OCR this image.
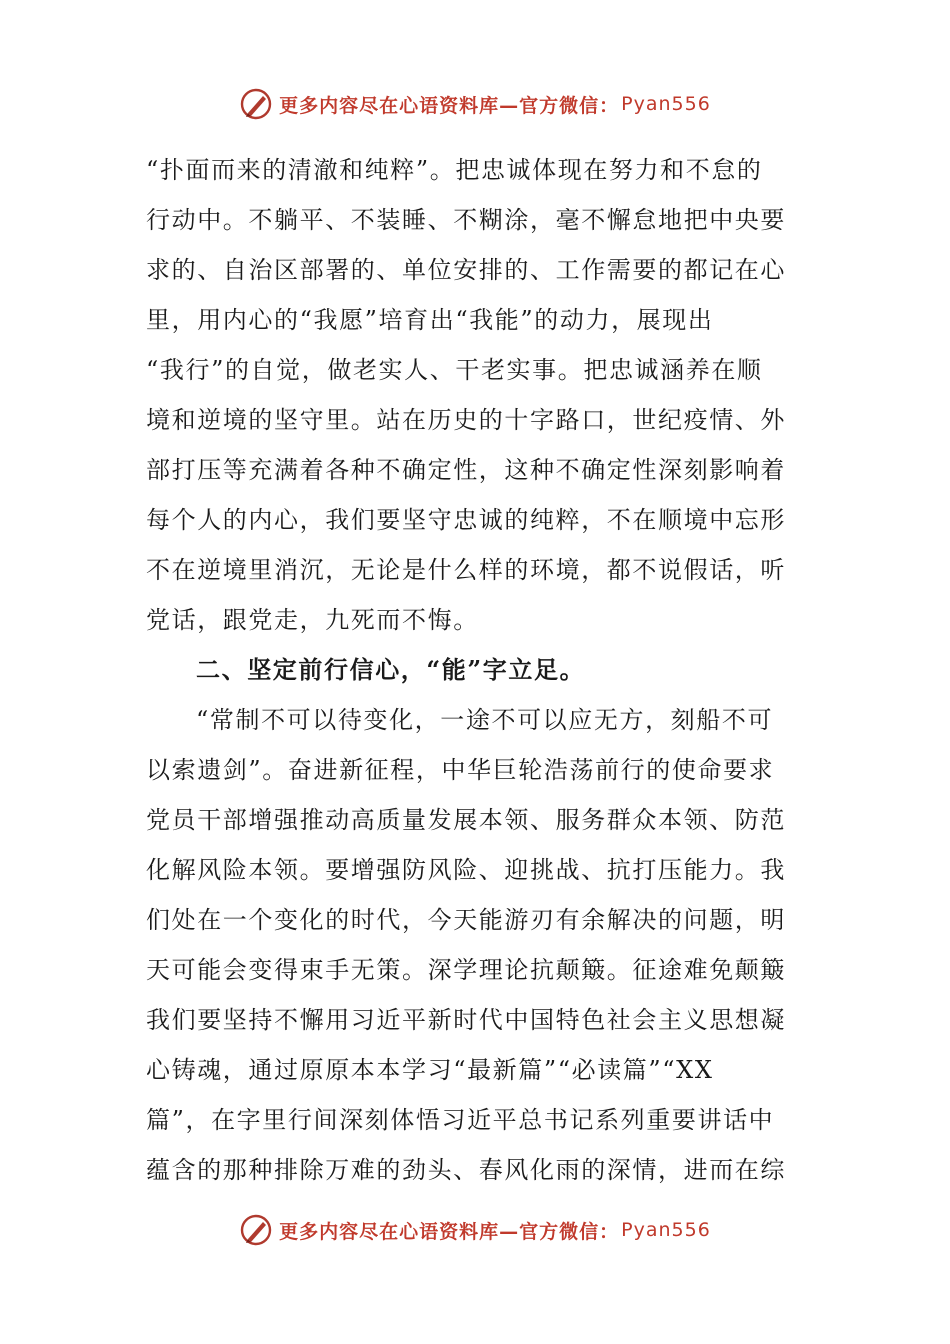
更多内容尽在心语资料库—官方微信： Pyan556
“扑面而来的清澈和纯粹”。把忠诚体现在努力和不怠的
行动中。不躺平、不装睡、不糊涂，毫不懈怠地把中央要
求的、自治区部署的、单位安排的、工作需要的都记在心
里，用内心的“我愿”培育出“我能”的动力，展现出
“我行”的自觉，做老实人、干老实事。把忠诚涵养在顺
境和逆境的坚守里。站在历史的十字路口，世纪疫情、外
部打压等充满着各种不确定性，这种不确定性深刻影响着
每个人的内心，我们要坚守忠诚的纯粹，不在顺境中忘形
不在逆境里消沉，无论是什么样的环境，都不说假话，听
党话，跟党走，九死而不悔。
二、坚定前行信心，“能”字立足。
“常制不可以待变化，一途不可以应无方，刻船不可
以索遗剑”。奋进新征程，中华巨轮浩荡前行的使命要求
党员干部增强推动高质量发展本领、服务群众本领、防范
化解风险本领。要增强防风险、迎挑战、抗打压能力。我
们处在一个变化的时代，今天能游刃有余解决的问题，明
天可能会变得束手无策。深学理论抗颠簸。征途难免颠簸
我们要坚持不懈用习近平新时代中国特色社会主义思想凝
心铸魂，通过原原本本学习“最新篇”“必读篇”“XX
篇”，在字里行间深刻体悟习近平总书记系列重要讲话中
蕴含的那种排除万难的劲头、春风化雨的深情，进而在综
更多内容尽在心语资料库—官方微信： Pyan556
